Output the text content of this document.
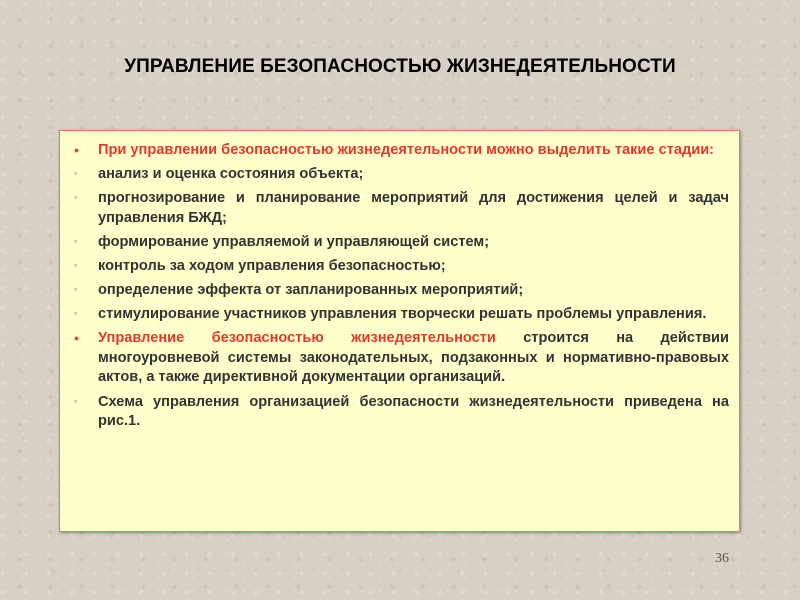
УПРАВЛЕНИЕ БЕЗОПАСНОСТЬЮ ЖИЗНЕДЕЯТЕЛЬНОСТИ
•	При управлении безопасностью жизнедеятельности можно выделить такие стадии:
◦	анализ и оценка состояния объекта;
◦	прогнозирование и планирование мероприятий для достижения целей и задач управления БЖД;
◦	формирование управляемой и управляющей систем;
◦	контроль за ходом управления безопасностью;
◦	определение эффекта от запланированных мероприятий;
◦	стимулирование участников управления творчески решать проблемы управления.
•	Управление безопасностью жизнедеятельности строится на действии многоуровневой системы законодательных, подзаконных и нормативно-правовых актов, а также директивной документации организаций.
◦	Схема управления организацией безопасности жизнедеятельности приведена на рис.1.
36
